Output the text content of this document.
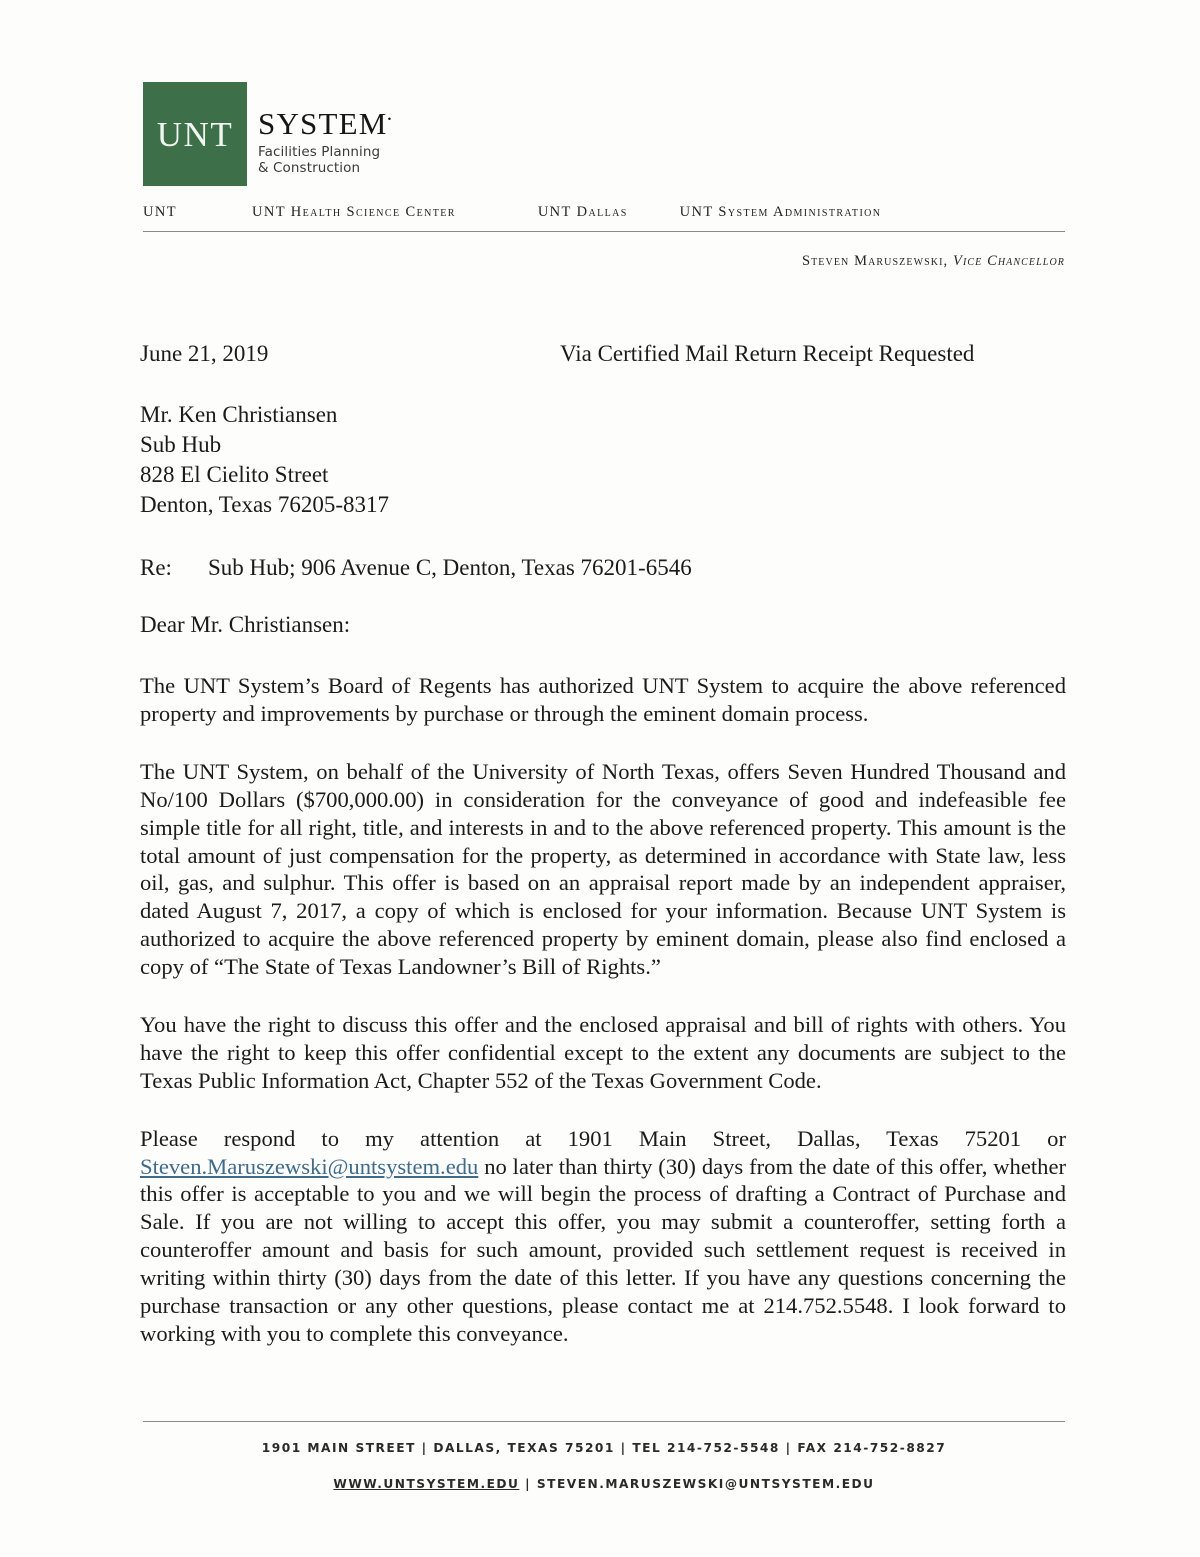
UNT SYSTEM•
Facilities Planning
& Construction
UNT	UNT Health Science Center	UNT Dallas	UNT System Administration
Steven Maruszewski, Vice Chancellor
June 21, 2019	Via Certified Mail Return Receipt Requested
Mr. Ken Christiansen
Sub Hub
828 El Cielito Street
Denton, Texas 76205-8317
Re:	Sub Hub; 906 Avenue C, Denton, Texas 76201-6546
Dear Mr. Christiansen:

The UNT System’s Board of Regents has authorized UNT System to acquire the above referenced property and improvements by purchase or through the eminent domain process.

The UNT System, on behalf of the University of North Texas, offers Seven Hundred Thousand and No/100 Dollars ($700,000.00) in consideration for the conveyance of good and indefeasible fee simple title for all right, title, and interests in and to the above referenced property. This amount is the total amount of just compensation for the property, as determined in accordance with State law, less oil, gas, and sulphur. This offer is based on an appraisal report made by an independent appraiser, dated August 7, 2017, a copy of which is enclosed for your information. Because UNT System is authorized to acquire the above referenced property by eminent domain, please also find enclosed a copy of “The State of Texas Landowner’s Bill of Rights.”

You have the right to discuss this offer and the enclosed appraisal and bill of rights with others. You have the right to keep this offer confidential except to the extent any documents are subject to the Texas Public Information Act, Chapter 552 of the Texas Government Code.

Please respond to my attention at 1901 Main Street, Dallas, Texas 75201 or Steven.Maruszewski@untsystem.edu no later than thirty (30) days from the date of this offer, whether this offer is acceptable to you and we will begin the process of drafting a Contract of Purchase and Sale. If you are not willing to accept this offer, you may submit a counteroffer, setting forth a counteroffer amount and basis for such amount, provided such settlement request is received in writing within thirty (30) days from the date of this letter. If you have any questions concerning the purchase transaction or any other questions, please contact me at 214.752.5548. I look forward to working with you to complete this conveyance.

1901 MAIN STREET | DALLAS, TEXAS 75201 | TEL 214-752-5548 | FAX 214-752-8827
WWW.UNTSYSTEM.EDU | STEVEN.MARUSZEWSKI@UNTSYSTEM.EDU
